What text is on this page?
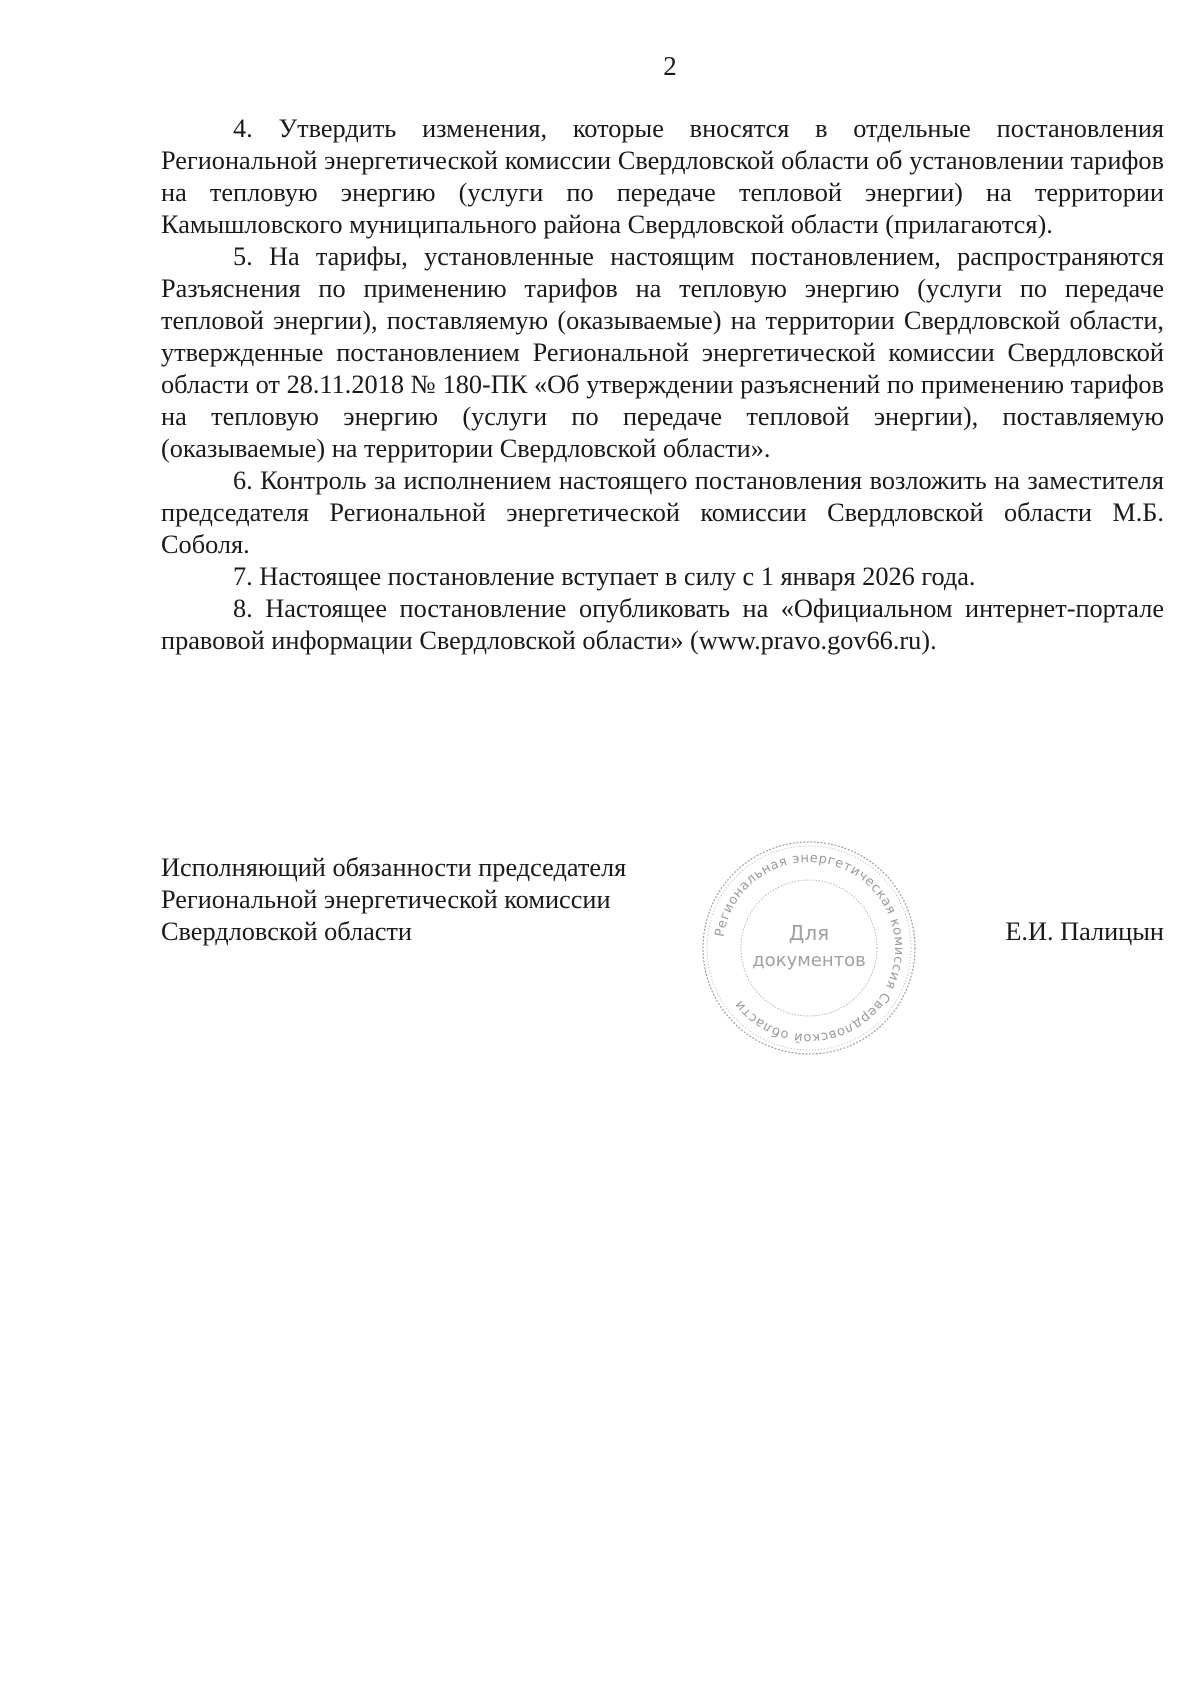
2

4. Утвердить изменения, которые вносятся в отдельные постановления Региональной энергетической комиссии Свердловской области об установлении тарифов на тепловую энергию (услуги по передаче тепловой энергии) на территории Камышловского муниципального района Свердловской области (прилагаются).

5. На тарифы, установленные настоящим постановлением, распространяются Разъяснения по применению тарифов на тепловую энергию (услуги по передаче тепловой энергии), поставляемую (оказываемые) на территории Свердловской области, утвержденные постановлением Региональной энергетической комиссии Свердловской области от 28.11.2018 № 180-ПК «Об утверждении разъяснений по применению тарифов на тепловую энергию (услуги по передаче тепловой энергии), поставляемую (оказываемые) на территории Свердловской области».

6. Контроль за исполнением настоящего постановления возложить на заместителя председателя Региональной энергетической комиссии Свердловской области М.Б. Соболя.

7. Настоящее постановление вступает в силу с 1 января 2026 года.

8. Настоящее постановление опубликовать на «Официальном интернет-портале правовой информации Свердловской области» (www.pravo.gov66.ru).

Исполняющий обязанности председателя
Региональной энергетической комиссии
Свердловской области	Региональная энергетическая комиссия Свердловской области
Для
документов
Е.И. Палицын
